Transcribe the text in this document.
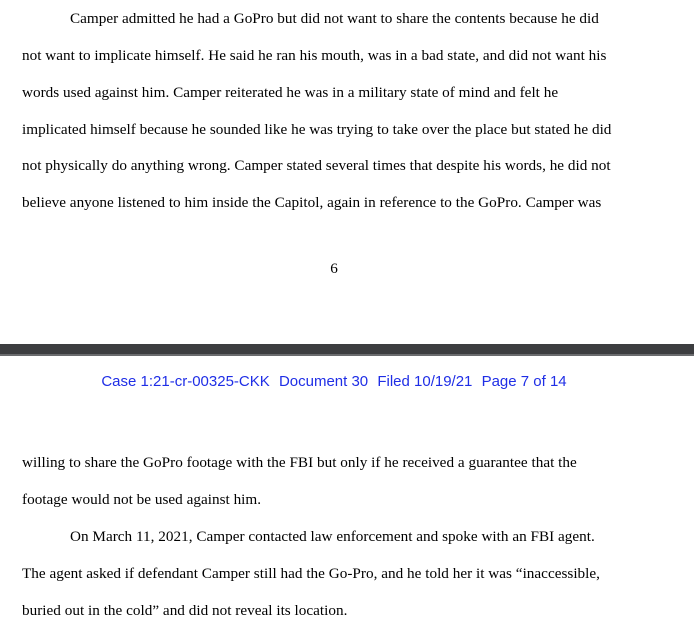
Camper admitted he had a GoPro but did not want to share the contents because he did
not want to implicate himself. He said he ran his mouth, was in a bad state, and did not want his
words used against him. Camper reiterated he was in a military state of mind and felt he
implicated himself because he sounded like he was trying to take over the place but stated he did
not physically do anything wrong. Camper stated several times that despite his words, he did not
believe anyone listened to him inside the Capitol, again in reference to the GoPro. Camper was
6
Case 1:21-cr-00325-CKK Document 30 Filed 10/19/21 Page 7 of 14
willing to share the GoPro footage with the FBI but only if he received a guarantee that the
footage would not be used against him.
On March 11, 2021, Camper contacted law enforcement and spoke with an FBI agent.
The agent asked if defendant Camper still had the Go-Pro, and he told her it was “inaccessible,
buried out in the cold” and did not reveal its location.
